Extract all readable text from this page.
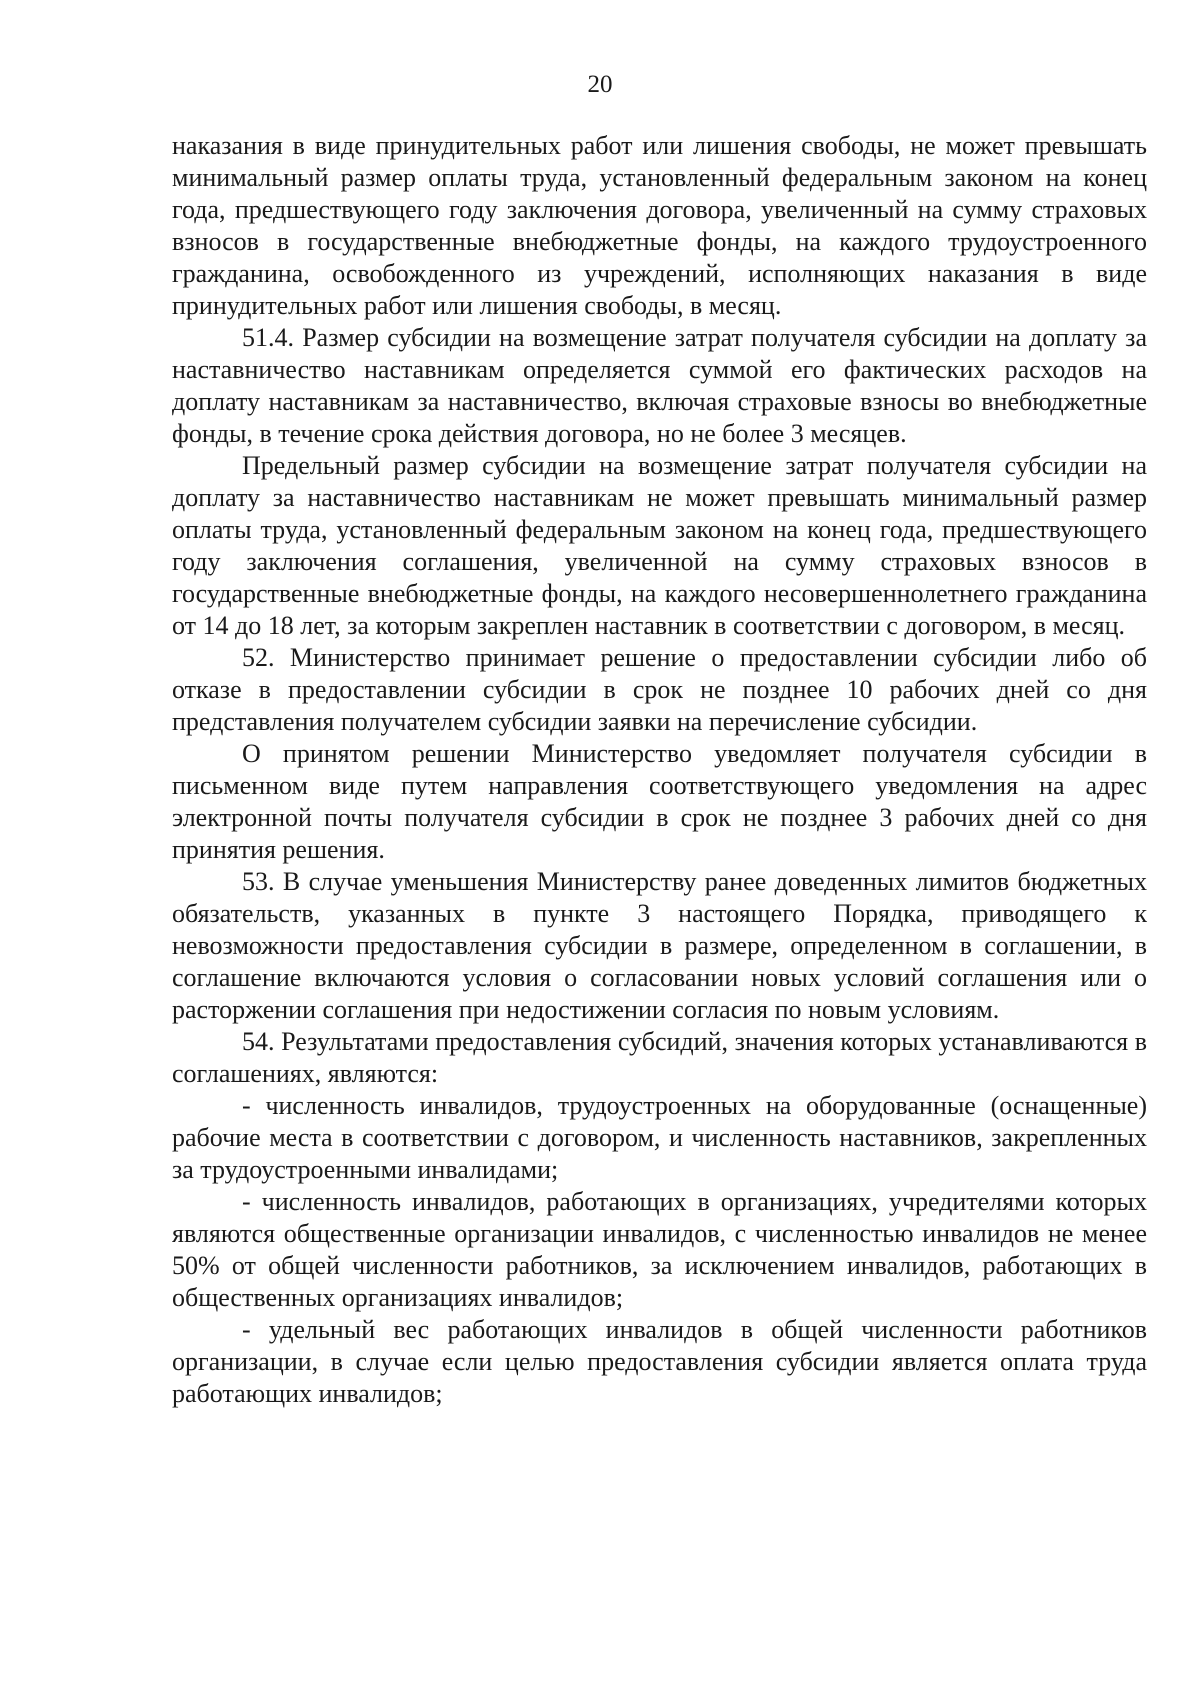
20

наказания в виде принудительных работ или лишения свободы, не может превышать минимальный размер оплаты труда, установленный федеральным законом на конец года, предшествующего году заключения договора, увеличенный на сумму страховых взносов в государственные внебюджетные фонды, на каждого трудоустроенного гражданина, освобожденного из учреждений, исполняющих наказания в виде принудительных работ или лишения свободы, в месяц.

51.4. Размер субсидии на возмещение затрат получателя субсидии на доплату за наставничество наставникам определяется суммой его фактических расходов на доплату наставникам за наставничество, включая страховые взносы во внебюджетные фонды, в течение срока действия договора, но не более 3 месяцев.

Предельный размер субсидии на возмещение затрат получателя субсидии на доплату за наставничество наставникам не может превышать минимальный размер оплаты труда, установленный федеральным законом на конец года, предшествующего году заключения соглашения, увеличенной на сумму страховых взносов в государственные внебюджетные фонды, на каждого несовершеннолетнего гражданина от 14 до 18 лет, за которым закреплен наставник в соответствии с договором, в месяц.

52. Министерство принимает решение о предоставлении субсидии либо об отказе в предоставлении субсидии в срок не позднее 10 рабочих дней со дня представления получателем субсидии заявки на перечисление субсидии.

О принятом решении Министерство уведомляет получателя субсидии в письменном виде путем направления соответствующего уведомления на адрес электронной почты получателя субсидии в срок не позднее 3 рабочих дней со дня принятия решения.

53. В случае уменьшения Министерству ранее доведенных лимитов бюджетных обязательств, указанных в пункте 3 настоящего Порядка, приводящего к невозможности предоставления субсидии в размере, определенном в соглашении, в соглашение включаются условия о согласовании новых условий соглашения или о расторжении соглашения при недостижении согласия по новым условиям.

54. Результатами предоставления субсидий, значения которых устанавливаются в соглашениях, являются:

- численность инвалидов, трудоустроенных на оборудованные (оснащенные) рабочие места в соответствии с договором, и численность наставников, закрепленных за трудоустроенными инвалидами;

- численность инвалидов, работающих в организациях, учредителями которых являются общественные организации инвалидов, с численностью инвалидов не менее 50% от общей численности работников, за исключением инвалидов, работающих в общественных организациях инвалидов;

- удельный вес работающих инвалидов в общей численности работников организации, в случае если целью предоставления субсидии является оплата труда работающих инвалидов;
